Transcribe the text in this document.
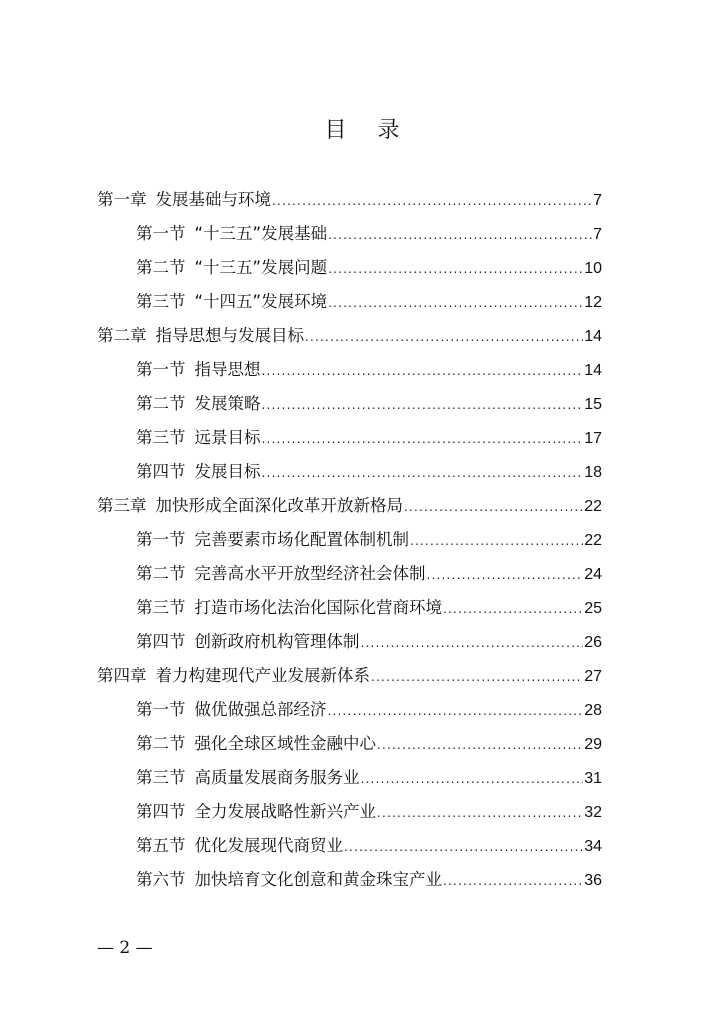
目 录
第一章 发展基础与环境 .....	7
第一节 “十三五”发展基础 .....	7
第二节 “十三五”发展问题 .....	10
第三节 “十四五”发展环境 .....	12
第二章 指导思想与发展目标 .....	14
第一节 指导思想 .....	14
第二节 发展策略 .....	15
第三节 远景目标 .....	17
第四节 发展目标 .....	18
第三章 加快形成全面深化改革开放新格局 .....	22
第一节 完善要素市场化配置体制机制 .....	22
第二节 完善高水平开放型经济社会体制 .....	24
第三节 打造市场化法治化国际化营商环境 .....	25
第四节 创新政府机构管理体制 .....	26
第四章 着力构建现代产业发展新体系 .....	27
第一节 做优做强总部经济 .....	28
第二节 强化全球区域性金融中心 .....	29
第三节 高质量发展商务服务业 .....	31
第四节 全力发展战略性新兴产业 .....	32
第五节 优化发展现代商贸业 .....	34
第六节 加快培育文化创意和黄金珠宝产业 .....	36
— 2 —
